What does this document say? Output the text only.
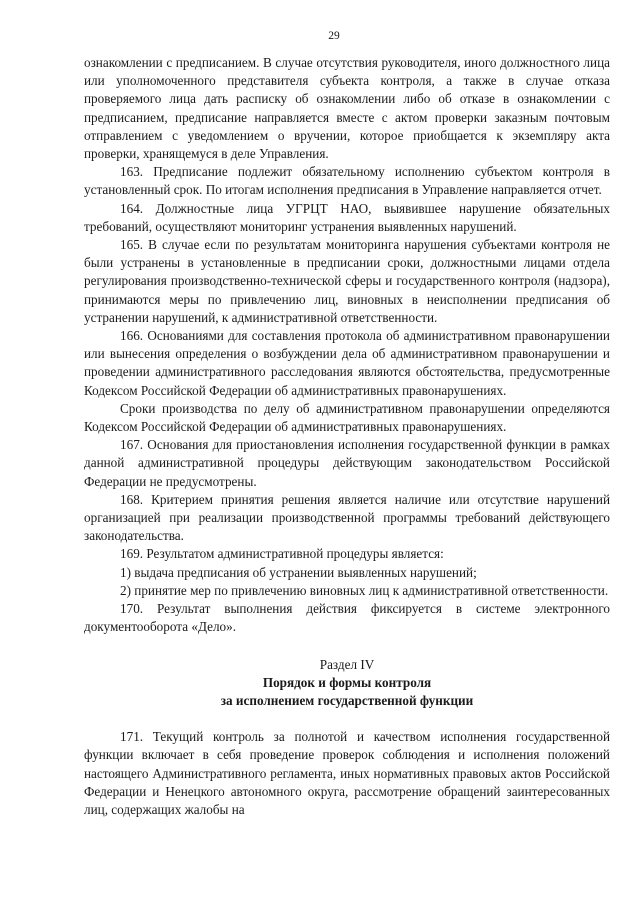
29

ознакомлении с предписанием. В случае отсутствия руководителя, иного должностного лица или уполномоченного представителя субъекта контроля, а также в случае отказа проверяемого лица дать расписку об ознакомлении либо об отказе в ознакомлении с предписанием, предписание направляется вместе с актом проверки заказным почтовым отправлением с уведомлением о вручении, которое приобщается к экземпляру акта проверки, хранящемуся в деле Управления.

163. Предписание подлежит обязательному исполнению субъектом контроля в установленный срок. По итогам исполнения предписания в Управление направляется отчет.

164. Должностные лица УГРЦТ НАО, выявившее нарушение обязательных требований, осуществляют мониторинг устранения выявленных нарушений.

165. В случае если по результатам мониторинга нарушения субъектами контроля не были устранены в установленные в предписании сроки, должностными лицами отдела регулирования производственно-технической сферы и государственного контроля (надзора), принимаются меры по привлечению лиц, виновных в неисполнении предписания об устранении нарушений, к административной ответственности.

166. Основаниями для составления протокола об административном правонарушении или вынесения определения о возбуждении дела об административном правонарушении и проведении административного расследования являются обстоятельства, предусмотренные Кодексом Российской Федерации об административных правонарушениях.

Сроки производства по делу об административном правонарушении определяются Кодексом Российской Федерации об административных правонарушениях.

167. Основания для приостановления исполнения государственной функции в рамках данной административной процедуры действующим законодательством Российской Федерации не предусмотрены.

168. Критерием принятия решения является наличие или отсутствие нарушений организацией при реализации производственной программы требований действующего законодательства.

169. Результатом административной процедуры является:

1) выдача предписания об устранении выявленных нарушений;

2) принятие мер по привлечению виновных лиц к административной ответственности.

170. Результат выполнения действия фиксируется в системе электронного документооборота «Дело».

Раздел IV
Порядок и формы контроля
за исполнением государственной функции

171. Текущий контроль за полнотой и качеством исполнения государственной функции включает в себя проведение проверок соблюдения и исполнения положений настоящего Административного регламента, иных нормативных правовых актов Российской Федерации и Ненецкого автономного округа, рассмотрение обращений заинтересованных лиц, содержащих жалобы на
